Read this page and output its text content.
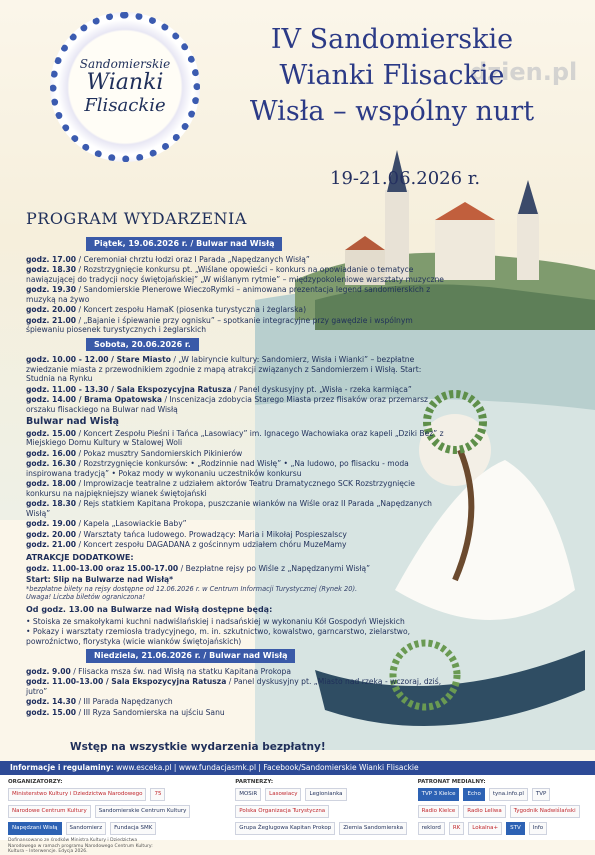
Sandomierskie
Wianki
Flisackie
dzien.pl
IV Sandomierskie
Wianki Flisackie
Wisła – wspólny nurt
19-21.06.2026 r.
PROGRAM WYDARZENIA
Piątek, 19.06.2026 r. / Bulwar nad Wisłą
godz. 17.00 / Ceremoniał chrztu łodzi oraz I Parada „Napędzanych Wisłą”
godz. 18.30 / Rozstrzygnięcie konkursu pt. „Wiślane opowieści – konkurs na opowiadanie o tematyce nawiązującej do tradycji nocy świętojańskiej” „W wiślanym rytmie” – międzypokoleniowe warsztaty muzyczne
godz. 19.30 / Sandomierskie Plenerowe WieczoRymki – animowana prezentacja legend sandomierskich z muzyką na żywo
godz. 20.00 / Koncert zespołu HamaK (piosenka turystyczna i żeglarska)
godz. 21.00 / „Bajanie i śpiewanie przy ognisku” – spotkanie integracyjne przy gawędzie i wspólnym śpiewaniu piosenek turystycznych i żeglarskich
Sobota, 20.06.2026 r.
godz. 10.00 - 12.00 / Stare Miasto / „W labiryncie kultury: Sandomierz, Wisła i Wianki” – bezpłatne zwiedzanie miasta z przewodnikiem zgodnie z mapą atrakcji związanych z Sandomierzem i Wisłą. Start: Studnia na Rynku
godz. 11.00 - 13.30 / Sala Ekspozycyjna Ratusza / Panel dyskusyjny pt. „Wisła - rzeka karmiąca”
godz. 14.00 / Brama Opatowska / Inscenizacja zdobycia Starego Miasta przez flisaków oraz przemarsz orszaku flisackiego na Bulwar nad Wisłą
Bulwar nad Wisłą
godz. 15.00 / Koncert Zespołu Pieśni i Tańca „Lasowiacy” im. Ignacego Wachowiaka oraz kapeli „Dziki Bez” z Miejskiego Domu Kultury w Stalowej Woli
godz. 16.00 / Pokaz musztry Sandomierskich Pikinierów
godz. 16.30 / Rozstrzygnięcie konkursów: • „Rodzinnie nad Wisłę” • „Na ludowo, po flisacku - moda inspirowana tradycją” • Pokaz mody w wykonaniu uczestników konkursu
godz. 18.00 / Improwizacje teatralne z udziałem aktorów Teatru Dramatycznego SCK Rozstrzygnięcie konkursu na najpiękniejszy wianek świętojański
godz. 18.30 / Rejs statkiem Kapitana Prokopa, puszczanie wianków na Wiśle oraz II Parada „Napędzanych Wisłą”
godz. 19.00 / Kapela „Lasowiackie Baby”
godz. 20.00 / Warsztaty tańca ludowego. Prowadzący: Maria i Mikołaj Pospieszalscy
godz. 21.00 / Koncert zespołu DAGADANA z gościnnym udziałem chóru MuzeMamy
ATRAKCJE DODATKOWE:
godz. 11.00-13.00 oraz 15.00-17.00 / Bezpłatne rejsy po Wiśle z „Napędzanymi Wisłą”
Start: Slip na Bulwarze nad Wisłą*
*bezpłatne bilety na rejsy dostępne od 12.06.2026 r. w Centrum Informacji Turystycznej (Rynek 20).
Uwaga! Liczba biletów ograniczona!
Od godz. 13.00 na Bulwarze nad Wisłą dostępne będą:
• Stoiska ze smakołykami kuchni nadwiślańskiej i nadsańskiej w wykonaniu Kół Gospodyń Wiejskich
• Pokazy i warsztaty rzemiosła tradycyjnego, m. in. szkutnictwo, kowalstwo, garncarstwo, zielarstwo, powroźnictwo, florystyka (wicie wianków świętojańskich)
Niedziela, 21.06.2026 r. / Bulwar nad Wisłą
godz. 9.00 / Flisacka msza św. nad Wisłą na statku Kapitana Prokopa
godz. 11.00-13.00 / Sala Ekspozycyjna Ratusza / Panel dyskusyjny pt. „Miasto nad rzeką - wczoraj, dziś, jutro”
godz. 14.30 / III Parada Napędzanych
godz. 15.00 / III Ryza Sandomierska na ujściu Sanu
Wstęp na wszystkie wydarzenia bezpłatny!
Informacje i regulaminy: www.esceka.pl | www.fundacjasmk.pl | Facebook/Sandomierskie Wianki Flisackie
ORGANIZATORZY:
Ministerstwo Kultury i Dziedzictwa Narodowego	75
Narodowe Centrum Kultury	Sandomierskie Centrum Kultury
Napędzani Wisłą	Sandomierz	Fundacja SMK
Dofinansowano ze środków Ministra Kultury i Dziedzictwa Narodowego w ramach programu Narodowego Centrum Kultury: Kultura – Interwencje. Edycja 2026.
PARTNERZY:
MOSiR	Lasowiacy	Legionianka
Polska Organizacja Turystyczna
Grupa Żeglugowa Kapitan Prokop	Ziemia Sandomierska
PATRONAT MEDIALNY:
TVP 3 Kielce	Echo	tyna.info.pl	TVP
Radio Kielce	Radio Leliwa	Tygodnik Nadwiślański
reklord	RK	Lokalna+	STV	Info
